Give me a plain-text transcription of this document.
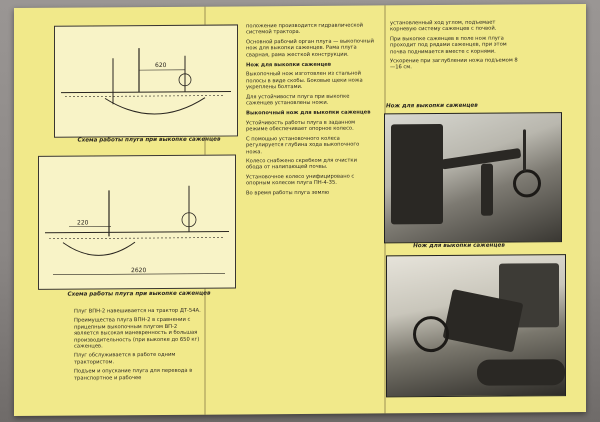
620
Схема работы плуга при выкопке саженцев
220
2620
Схема работы плуга при выкопке саженцев
Плуг ВПН-2 навешивается на трактор ДТ-54А.
Преимущества плуга ВПН-2 в сравнении с прицепным выкопочным плугом ВП-2 является высокая маневренность и большая производительность (при выкопке до 650 кг) саженцев.
Плуг обслуживается в работе одним трактористом.
Подъем и опускание плуга для перевода в транспортное и рабочее
положение производится гидравлической системой трактора.
Основной рабочий орган плуга — выкопочный нож для выкопки саженцев. Рама плуга сварная, рама жесткой конструкции.
Нож для выкопки саженцев
Выкопочный нож изготовлен из стальной полосы в виде скобы. Боковые щеки ножа укреплены болтами.
Для устойчивости плуга при выкопке саженцев установлены ножи.
Выкопочный нож для выкопки саженцев
Устойчивость работы плуга в заданном режиме обеспечивает опорное колесо.
С помощью установочного колеса регулируется глубина хода выкопочного ножа.
Колесо снабжено скребком для очистки обода от налипающей почвы.
Установочное колесо унифицировано с опорным колесом плуга ПН-4-35.
Во время работы плуга землю
установленный ход углом, подъемает корневую систему саженцев с почвой.
При выкопке саженцев в поле нож плуга проходит под рядами саженцев, при этом почва поднимается вместе с корнями.
Ускорение при заглублении ножа подъемом 8—16 см.
Нож для выкопки саженцев
Нож для выкопки саженцев
